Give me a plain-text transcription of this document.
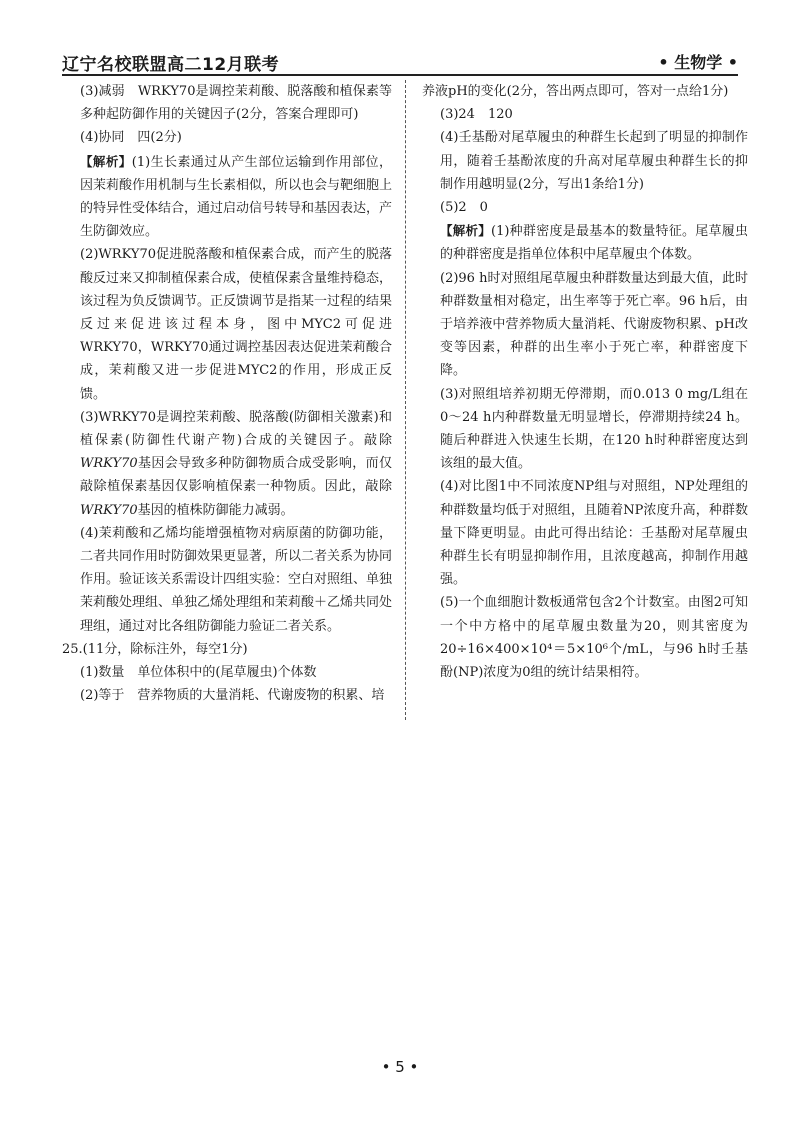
辽宁名校联盟高二12月联考	• 生物学 •

(3)减弱　WRKY70是调控茉莉酸、脱落酸和植保素等多种起防御作用的关键因子(2分，答案合理即可)

(4)协同　四(2分)

【解析】(1)生长素通过从产生部位运输到作用部位，因茉莉酸作用机制与生长素相似，所以也会与靶细胞上的特异性受体结合，通过启动信号转导和基因表达，产生防御效应。

(2)WRKY70促进脱落酸和植保素合成，而产生的脱落酸反过来又抑制植保素合成，使植保素含量维持稳态，该过程为负反馈调节。正反馈调节是指某一过程的结果反过来促进该过程本身，图中MYC2可促进WRKY70，WRKY70通过调控基因表达促进茉莉酸合成，茉莉酸又进一步促进MYC2的作用，形成正反馈。

(3)WRKY70是调控茉莉酸、脱落酸(防御相关激素)和植保素(防御性代谢产物)合成的关键因子。敲除WRKY70基因会导致多种防御物质合成受影响，而仅敲除植保素基因仅影响植保素一种物质。因此，敲除WRKY70基因的植株防御能力减弱。

(4)茉莉酸和乙烯均能增强植物对病原菌的防御功能，二者共同作用时防御效果更显著，所以二者关系为协同作用。验证该关系需设计四组实验：空白对照组、单独茉莉酸处理组、单独乙烯处理组和茉莉酸＋乙烯共同处理组，通过对比各组防御能力验证二者关系。

25.(11分，除标注外，每空1分)

(1)数量　单位体积中的(尾草履虫)个体数

(2)等于　营养物质的大量消耗、代谢废物的积累、培

养液pH的变化(2分，答出两点即可，答对一点给1分)

(3)24　120

(4)壬基酚对尾草履虫的种群生长起到了明显的抑制作用，随着壬基酚浓度的升高对尾草履虫种群生长的抑制作用越明显(2分，写出1条给1分)

(5)2　0

【解析】(1)种群密度是最基本的数量特征。尾草履虫的种群密度是指单位体积中尾草履虫个体数。

(2)96 h时对照组尾草履虫种群数量达到最大值，此时种群数量相对稳定，出生率等于死亡率。96 h后，由于培养液中营养物质大量消耗、代谢废物积累、pH改变等因素，种群的出生率小于死亡率，种群密度下降。

(3)对照组培养初期无停滞期，而0.013 0 mg/L组在0～24 h内种群数量无明显增长，停滞期持续24 h。随后种群进入快速生长期，在120 h时种群密度达到该组的最大值。

(4)对比图1中不同浓度NP组与对照组，NP处理组的种群数量均低于对照组，且随着NP浓度升高，种群数量下降更明显。由此可得出结论：壬基酚对尾草履虫种群生长有明显抑制作用，且浓度越高，抑制作用越强。

(5)一个血细胞计数板通常包含2个计数室。由图2可知一个中方格中的尾草履虫数量为20，则其密度为20÷16×400×10⁴＝5×10⁶个/mL，与96 h时壬基酚(NP)浓度为0组的统计结果相符。

• 5 •
